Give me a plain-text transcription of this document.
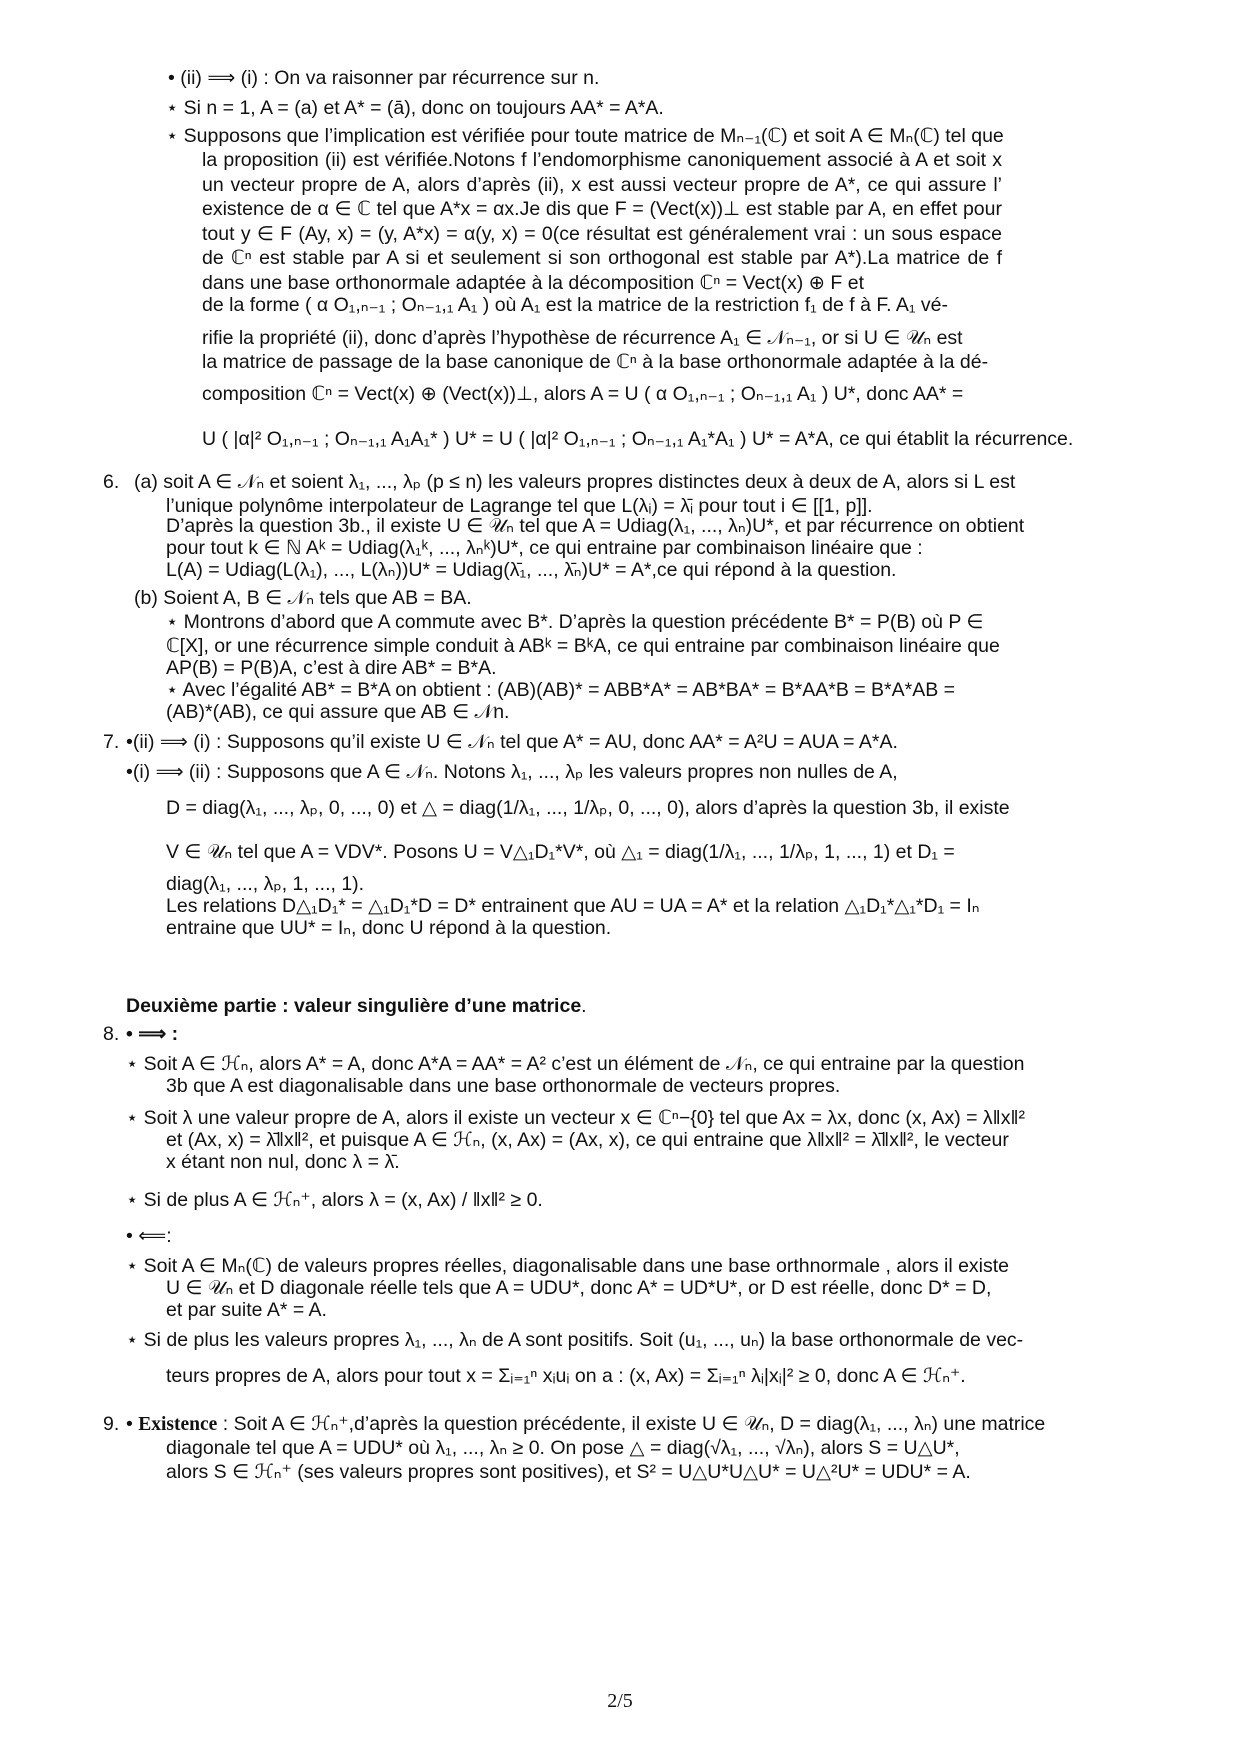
• (ii) ⟹ (i) : On va raisonner par récurrence sur n.
⋆ Si n = 1, A = (a) et A* = (ā), donc on toujours AA* = A*A.
⋆ Supposons que l’implication est vérifiée pour toute matrice de Mₙ₋₁(ℂ) et soit A ∈ Mₙ(ℂ) tel que
la proposition (ii) est vérifiée.Notons f l’endomorphisme canoniquement associé à A et soit x un vecteur propre de A, alors d’après (ii), x est aussi vecteur propre de A*, ce qui assure l’ existence de α ∈ ℂ tel que A*x = αx.Je dis que F = (Vect(x))⊥ est stable par A, en effet pour tout y ∈ F (Ay, x) = (y, A*x) = α(y, x) = 0(ce résultat est généralement vrai : un sous espace de ℂⁿ est stable par A si et seulement si son orthogonal est stable par A*).La matrice de f dans une base orthonormale adaptée à la décomposition ℂⁿ = Vect(x) ⊕ F et
de la forme ( α O₁,ₙ₋₁ ; Oₙ₋₁,₁ A₁ ) où A₁ est la matrice de la restriction f₁ de f à F. A₁ vé-
rifie la propriété (ii), donc d’après l’hypothèse de récurrence A₁ ∈ 𝒩ₙ₋₁, or si U ∈ 𝒰ₙ est
la matrice de passage de la base canonique de ℂⁿ à la base orthonormale adaptée à la dé-
composition ℂⁿ = Vect(x) ⊕ (Vect(x))⊥, alors A = U ( α O₁,ₙ₋₁ ; Oₙ₋₁,₁ A₁ ) U*, donc AA* =
U ( |α|² O₁,ₙ₋₁ ; Oₙ₋₁,₁ A₁A₁* ) U* = U ( |α|² O₁,ₙ₋₁ ; Oₙ₋₁,₁ A₁*A₁ ) U* = A*A, ce qui établit la récurrence.
6. (a) soit A ∈ 𝒩ₙ et soient λ₁, ..., λₚ (p ≤ n) les valeurs propres distinctes deux à deux de A, alors si L est
l’unique polynôme interpolateur de Lagrange tel que L(λᵢ) = λ̄ᵢ pour tout i ∈ [[1, p]].
D’après la question 3b., il existe U ∈ 𝒰ₙ tel que A = Udiag(λ₁, ..., λₙ)U*, et par récurrence on obtient
pour tout k ∈ ℕ Aᵏ = Udiag(λ₁ᵏ, ..., λₙᵏ)U*, ce qui entraine par combinaison linéaire que :
L(A) = Udiag(L(λ₁), ..., L(λₙ))U* = Udiag(λ̄₁, ..., λ̄ₙ)U* = A*,ce qui répond à la question.
(b) Soient A, B ∈ 𝒩ₙ tels que AB = BA.
⋆ Montrons d’abord que A commute avec B*. D’après la question précédente B* = P(B) où P ∈
ℂ[X], or une récurrence simple conduit à ABᵏ = BᵏA, ce qui entraine par combinaison linéaire que
AP(B) = P(B)A, c’est à dire AB* = B*A.
⋆ Avec l’égalité AB* = B*A on obtient : (AB)(AB)* = ABB*A* = AB*BA* = B*AA*B = B*A*AB =
(AB)*(AB), ce qui assure que AB ∈ 𝒩n.
7. •(ii) ⟹ (i) : Supposons qu’il existe U ∈ 𝒩ₙ tel que A* = AU, donc AA* = A²U = AUA = A*A.
•(i) ⟹ (ii) : Supposons que A ∈ 𝒩ₙ. Notons λ₁, ..., λₚ les valeurs propres non nulles de A,
D = diag(λ₁, ..., λₚ, 0, ..., 0) et △ = diag(1/λ₁, ..., 1/λₚ, 0, ..., 0), alors d’après la question 3b, il existe
V ∈ 𝒰ₙ tel que A = VDV*. Posons U = V△₁D₁*V*, où △₁ = diag(1/λ₁, ..., 1/λₚ, 1, ..., 1) et D₁ =
diag(λ₁, ..., λₚ, 1, ..., 1).
Les relations D△₁D₁* = △₁D₁*D = D* entrainent que AU = UA = A* et la relation △₁D₁*△₁*D₁ = Iₙ
entraine que UU* = Iₙ, donc U répond à la question.
Deuxième partie : valeur singulière d’une matrice.
8. • ⟹ :
⋆ Soit A ∈ ℋₙ, alors A* = A, donc A*A = AA* = A² c’est un élément de 𝒩ₙ, ce qui entraine par la question
3b que A est diagonalisable dans une base orthonormale de vecteurs propres.
⋆ Soit λ une valeur propre de A, alors il existe un vecteur x ∈ ℂⁿ−{0} tel que Ax = λx, donc (x, Ax) = λ‖x‖²
et (Ax, x) = λ̄‖x‖², et puisque A ∈ ℋₙ, (x, Ax) = (Ax, x), ce qui entraine que λ‖x‖² = λ̄‖x‖², le vecteur
x étant non nul, donc λ = λ̄.
⋆ Si de plus A ∈ ℋₙ⁺, alors λ = (x, Ax) / ‖x‖² ≥ 0.
• ⟸:
⋆ Soit A ∈ Mₙ(ℂ) de valeurs propres réelles, diagonalisable dans une base orthnormale , alors il existe
U ∈ 𝒰ₙ et D diagonale réelle tels que A = UDU*, donc A* = UD*U*, or D est réelle, donc D* = D,
et par suite A* = A.
⋆ Si de plus les valeurs propres λ₁, ..., λₙ de A sont positifs. Soit (u₁, ..., uₙ) la base orthonormale de vec-
teurs propres de A, alors pour tout x = Σᵢ₌₁ⁿ xᵢuᵢ on a : (x, Ax) = Σᵢ₌₁ⁿ λᵢ|xᵢ|² ≥ 0, donc A ∈ ℋₙ⁺.
9. • Existence : Soit A ∈ ℋₙ⁺,d’après la question précédente, il existe U ∈ 𝒰ₙ, D = diag(λ₁, ..., λₙ) une matrice
diagonale tel que A = UDU* où λ₁, ..., λₙ ≥ 0. On pose △ = diag(√λ₁, ..., √λₙ), alors S = U△U*,
alors S ∈ ℋₙ⁺ (ses valeurs propres sont positives), et S² = U△U*U△U* = U△²U* = UDU* = A.
2/5
